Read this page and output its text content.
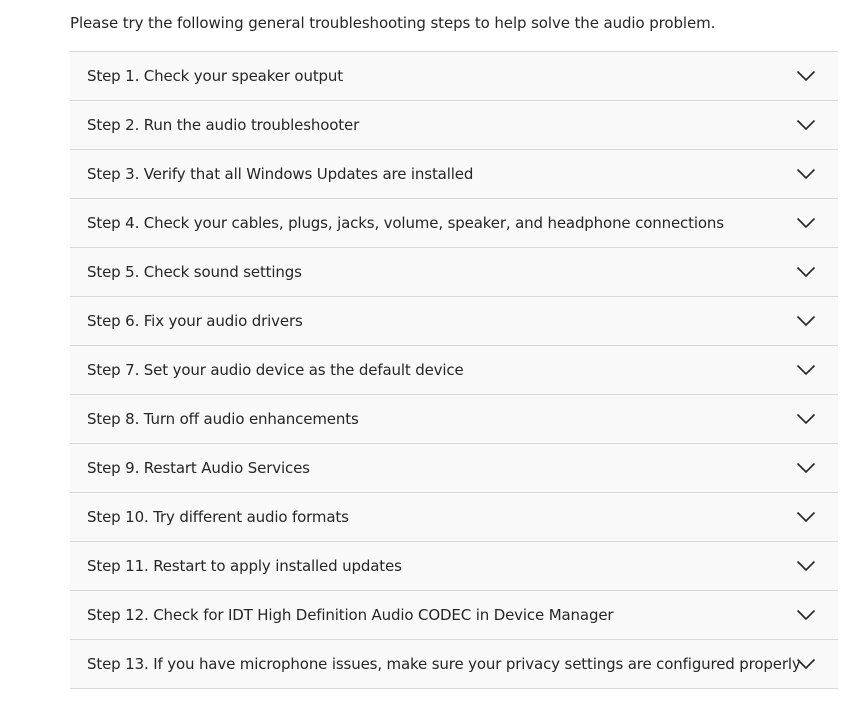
Please try the following general troubleshooting steps to help solve the audio problem.
Step 1. Check your speaker output
Step 2. Run the audio troubleshooter
Step 3. Verify that all Windows Updates are installed
Step 4. Check your cables, plugs, jacks, volume, speaker, and headphone connections
Step 5. Check sound settings
Step 6. Fix your audio drivers
Step 7. Set your audio device as the default device
Step 8. Turn off audio enhancements
Step 9. Restart Audio Services
Step 10. Try different audio formats
Step 11. Restart to apply installed updates
Step 12. Check for IDT High Definition Audio CODEC in Device Manager
Step 13. If you have microphone issues, make sure your privacy settings are configured properly
